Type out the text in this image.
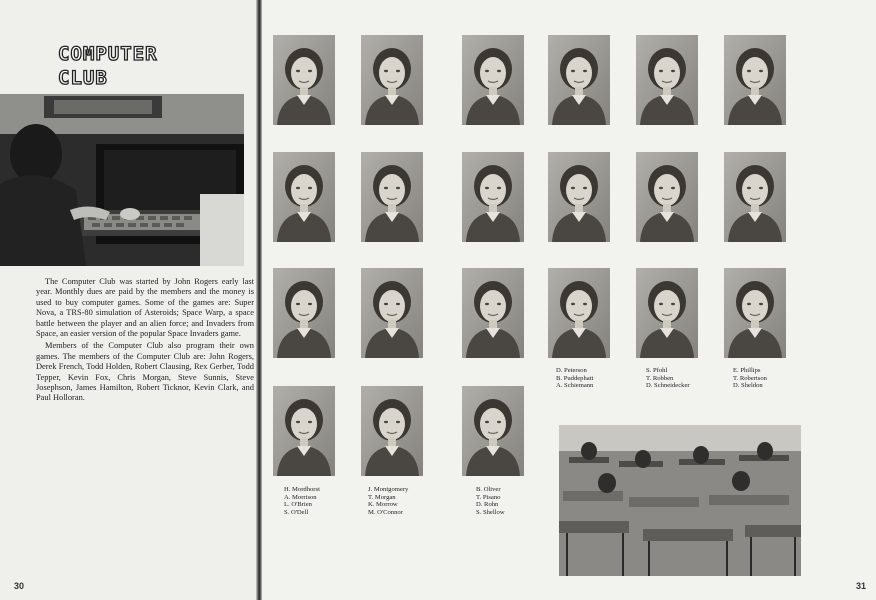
COMPUTER
CLUB

The Computer Club was started by John Rogers early last year. Monthly dues are paid by the members and the money is used to buy computer games. Some of the games are: Super Nova, a TRS-80 simulation of Asteroids; Space Warp, a space battle between the player and an alien force; and Invaders from Space, an easier version of the popular Space Invaders game.

Members of the Computer Club also program their own games. The members of the Computer Club are: John Rogers, Derek French, Todd Holden, Robert Clausing, Rex Gerber, Todd Tepper, Kevin Fox, Chris Morgan, Steve Sunnis, Steve Josephson, James Hamilton, Robert Ticknor, Kevin Clark, and Paul Holloran.

30
D. Peterson
B. Puddephatt
A. Schiemann
S. Pfohl
T. Robben
D. Schneidecker
E. Phillips
T. Robertson
D. Sheldon
H. Mordhorst
A. Morrison
L. O'Brien
S. O'Dell
J. Montgomery
T. Morgan
K. Morrow
M. O'Connor
B. Oliver
T. Pisano
D. Rohn
S. Shellow
31
